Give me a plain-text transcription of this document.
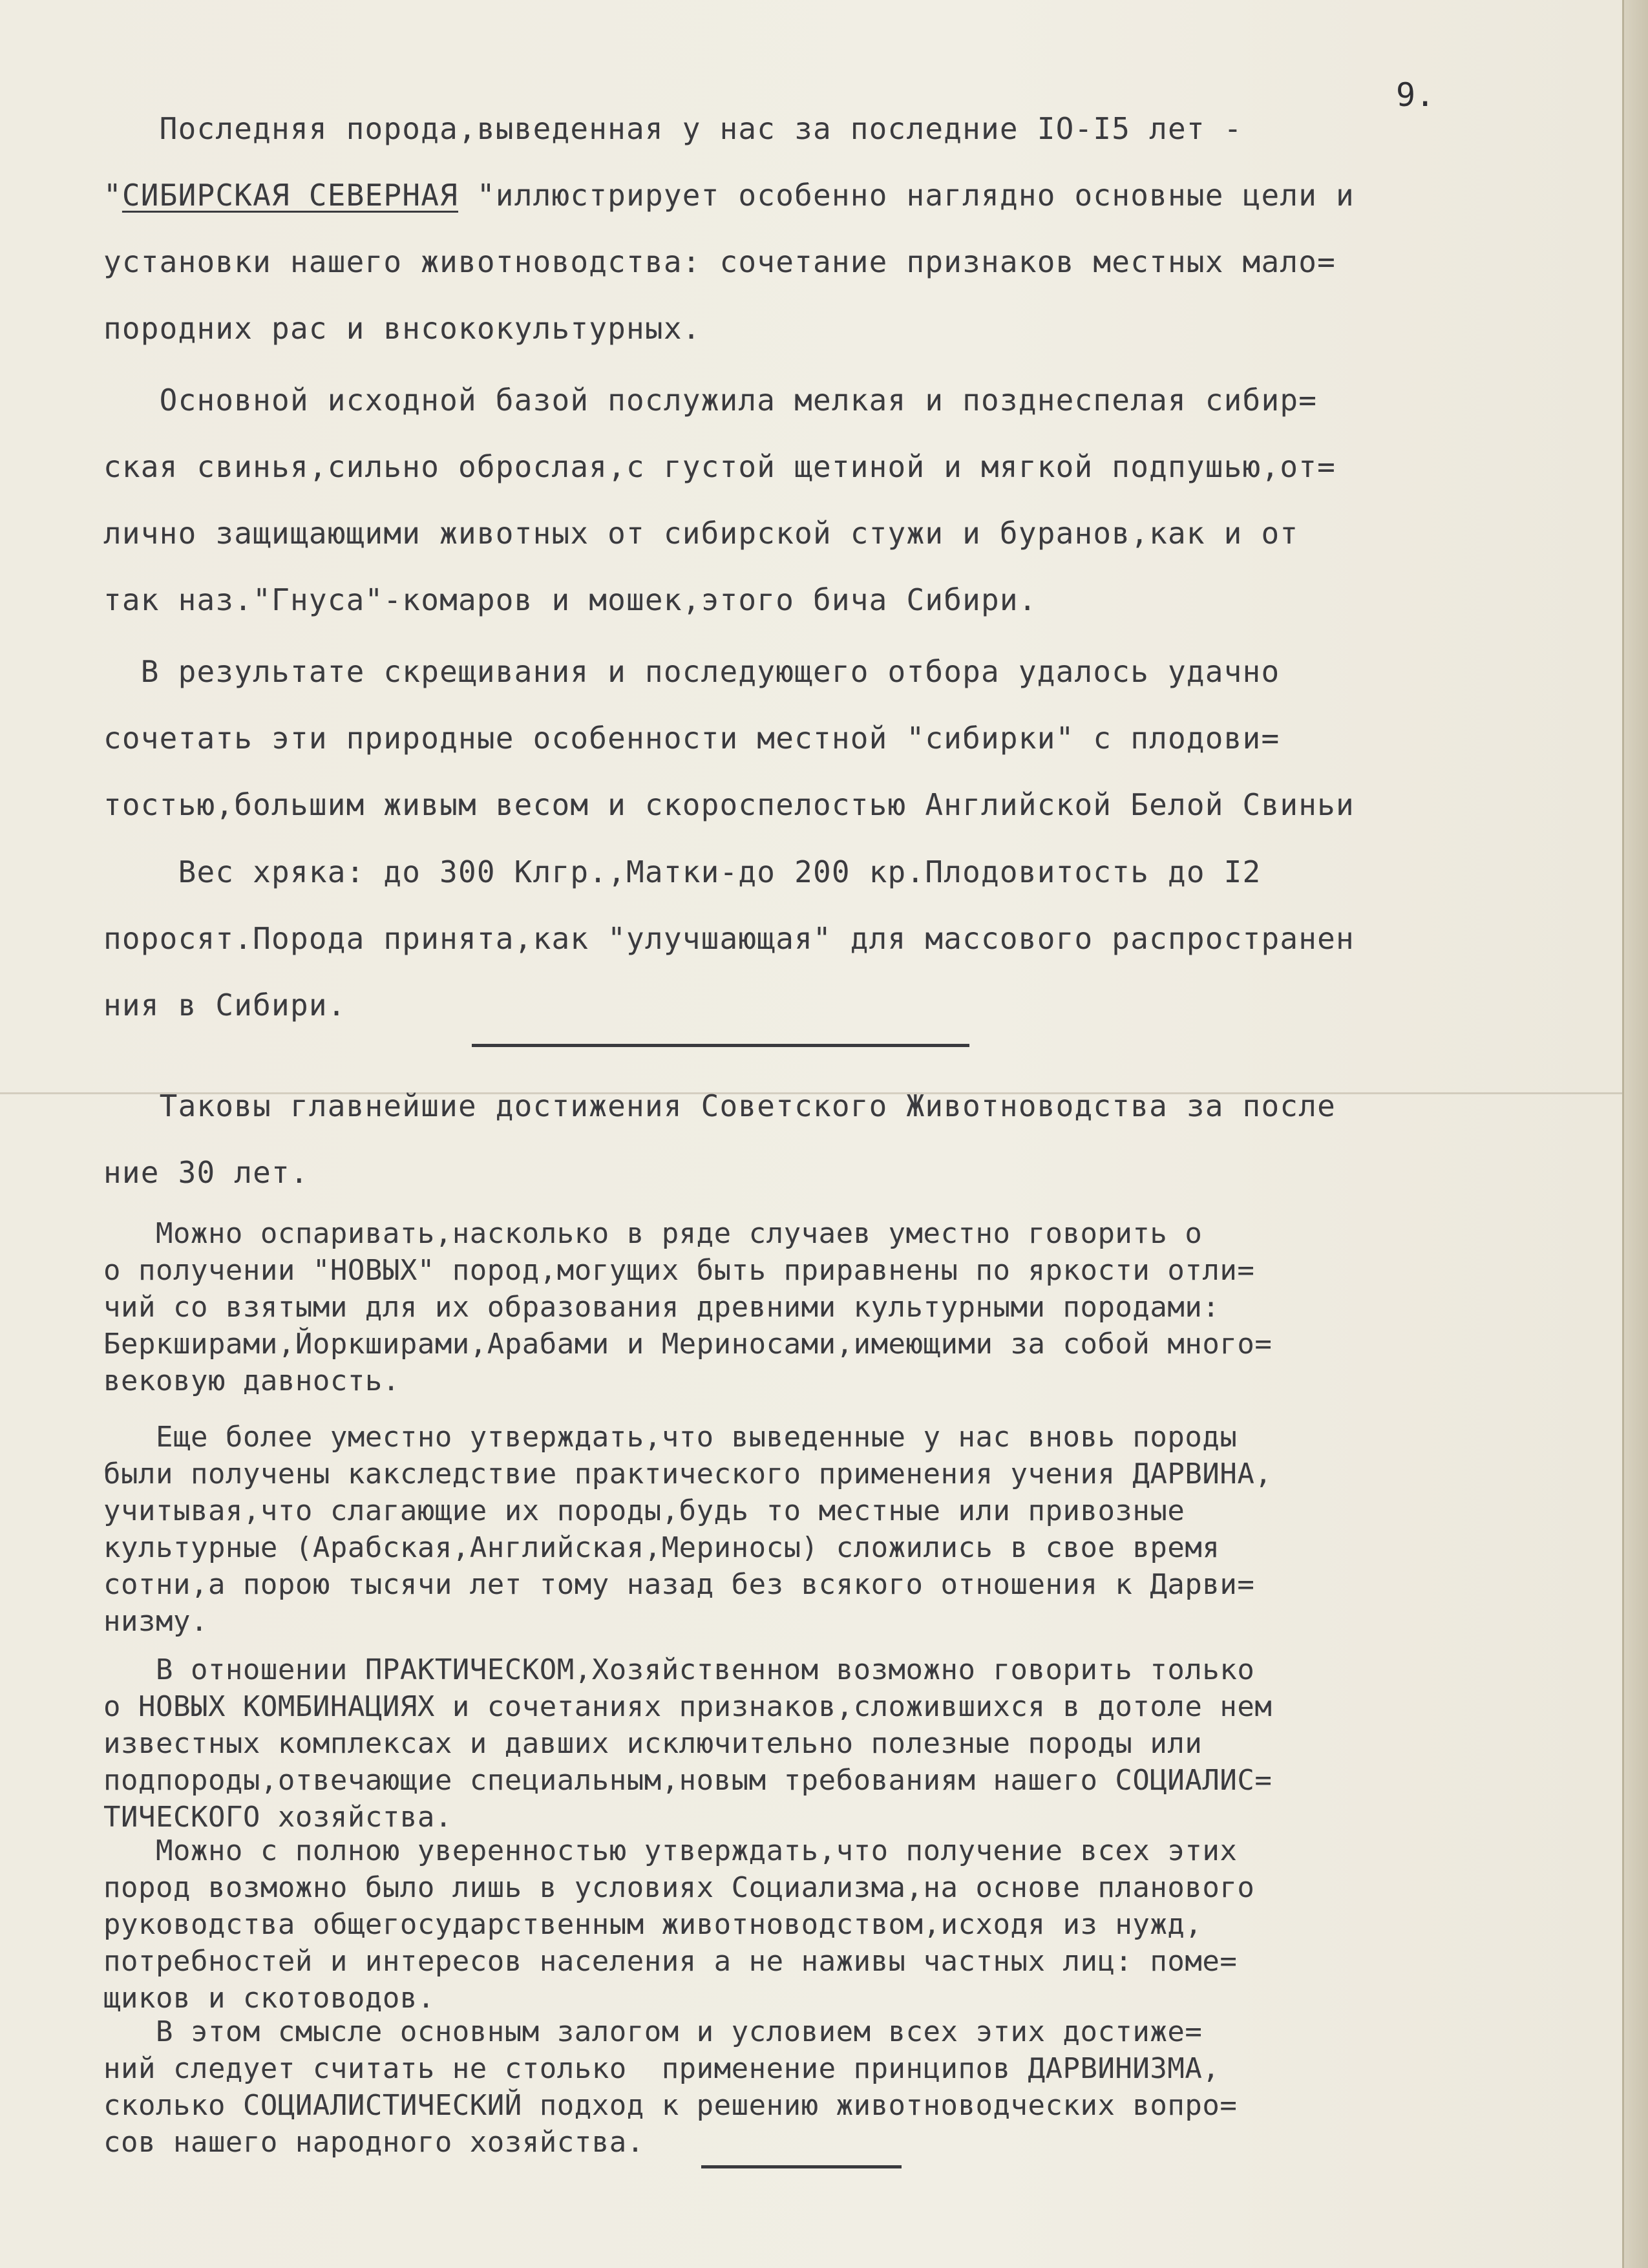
9.
Последняя порода,выведенная у нас за последние IO-I5 лет -
"СИБИРСКАЯ СЕВЕРНАЯ "иллюстрирует особенно наглядно основные цели и
установки нашего животноводства: сочетание признаков местных мало=
породних рас и внсококультурных.
Основной исходной базой послужила мелкая и позднеспелая сибир=
ская свинья,сильно оброслая,с густой щетиной и мягкой подпушью,от=
лично защищающими животных от сибирской стужи и буранов,как и от
так наз."Гнуса"-комаров и мошек,этого бича Сибири.
В результате скрещивания и последующего отбора удалось удачно
сочетать эти природные особенности местной "сибирки" с плодови=
тостью,большим живым весом и скороспелостью Английской Белой Свиньи
Вес хряка: до 300 Клгр.,Матки-до 200 кр.Плодовитость до I2
поросят.Порода принята,как "улучшающая" для массового распространен
ния в Сибири.
Таковы главнейшие достижения Советского Животноводства за после
ние 30 лет.
Можно оспаривать,насколько в ряде случаев уместно говорить о
о получении "НОВЫХ" пород,могущих быть приравнены по яркости отли=
чий со взятыми для их образования древними культурными породами:
Беркширами,Йоркширами,Арабами и Мериносами,имеющими за собой много=
вековую давность.
Еще более уместно утверждать,что выведенные у нас вновь породы
были получены какследствие практического применения учения ДАРВИНА,
учитывая,что слагающие их породы,будь то местные или привозные
культурные (Арабская,Английская,Мериносы) сложились в свое время
сотни,а порою тысячи лет тому назад без всякого отношения к Дарви=
низму.
В отношении ПРАКТИЧЕСКОМ,Хозяйственном возможно говорить только
о НОВЫХ КОМБИНАЦИЯХ и сочетаниях признаков,сложившихся в дотоле нем
известных комплексах и давших исключительно полезные породы или
подпороды,отвечающие специальным,новым требованиям нашего СОЦИАЛИС=
ТИЧЕСКОГО хозяйства.
Можно с полною уверенностью утверждать,что получение всех этих
пород возможно было лишь в условиях Социализма,на основе планового
руководства общегосударственным животноводством,исходя из нужд,
потребностей и интересов населения а не наживы частных лиц: поме=
щиков и скотоводов.
В этом смысле основным залогом и условием всех этих достиже=
ний следует считать не столько  применение принципов ДАРВИНИЗМА,
сколько СОЦИАЛИСТИЧЕСКИЙ подход к решению животноводческих вопро=
сов нашего народного хозяйства.
